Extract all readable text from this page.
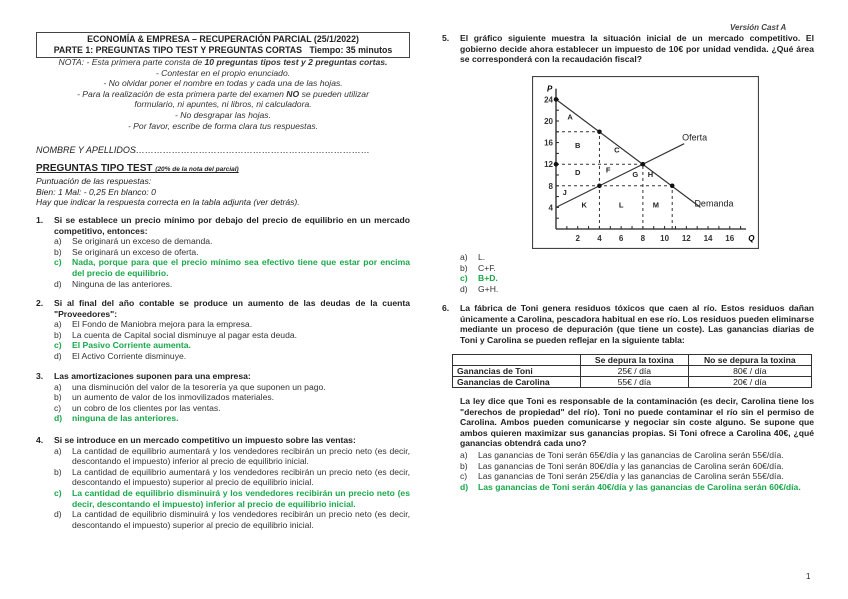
ECONOMÍA & EMPRESA – RECUPERACIÓN PARCIAL (25/1/2022)
PARTE 1: PREGUNTAS TIPO TEST Y PREGUNTAS CORTAS   Tiempo: 35 minutos
NOTA: - Esta primera parte consta de 10 preguntas tipos test y 2 preguntas cortas.
- Contestar en el propio enunciado.
- No olvidar poner el nombre en todas y cada una de las hojas.
- Para la realización de esta primera parte del examen NO se pueden utilizar
formulario, ni apuntes, ni libros, ni calculadora.
- No desgrapar las hojas.
- Por favor, escribe de forma clara tus respuestas.
NOMBRE Y APELLIDOS……………………………………………………………………
PREGUNTAS TIPO TEST (20% de la nota del parcial)
Puntuación de las respuestas:
Bien: 1 Mal: - 0,25 En blanco: 0
Hay que indicar la respuesta correcta en la tabla adjunta (ver detrás).
1.	Si se establece un precio mínimo por debajo del precio de equilibrio en un mercado competitivo, entonces:
a)	Se originará un exceso de demanda.
b)	Se originará un exceso de oferta.
c)	Nada, porque para que el precio mínimo sea efectivo tiene que estar por encima del precio de equilibrio.
d)	Ninguna de las anteriores.
2.	Si al final del año contable se produce un aumento de las deudas de la cuenta "Proveedores":
a)	El Fondo de Maniobra mejora para la empresa.
b)	La cuenta de Capital social disminuye al pagar esta deuda.
c)	El Pasivo Corriente aumenta.
d)	El Activo Corriente disminuye.
3.	Las amortizaciones suponen para una empresa:
a)	una disminución del valor de la tesorería ya que suponen un pago.
b)	un aumento de valor de los inmovilizados materiales.
c)	un cobro de los clientes por las ventas.
d)	ninguna de las anteriores.
4.	Si se introduce en un mercado competitivo un impuesto sobre las ventas:
a)	La cantidad de equilibrio aumentará y los vendedores recibirán un precio neto (es decir, descontando el impuesto) inferior al precio de equilibrio inicial.
b)	La cantidad de equilibrio aumentará y los vendedores recibirán un precio neto (es decir, descontando el impuesto) superior al precio de equilibrio inicial.
c)	La cantidad de equilibrio disminuirá y los vendedores recibirán un precio neto (es decir, descontando el impuesto) inferior al precio de equilibrio inicial.
d)	La cantidad de equilibrio disminuirá y los vendedores recibirán un precio neto (es decir, descontando el impuesto) superior al precio de equilibrio inicial.
Versión Cast A
5.	El gráfico siguiente muestra la situación inicial de un mercado competitivo. El gobierno decide ahora establecer un impuesto de 10€ por unidad vendida. ¿Qué área se corresponderá con la recaudación fiscal?
2 4 6 8 10 12 14 16
4
8
12
16
20
24
P
Q
Demanda
Oferta
A
B	C
D	F
G H
J
K	L	M
a)	L.
b)	C+F.
c)	B+D.
d)	G+H.
6.	La fábrica de Toni genera residuos tóxicos que caen al río. Estos residuos dañan únicamente a Carolina, pescadora habitual en ese río. Los residuos pueden eliminarse mediante un proceso de depuración (que tiene un coste). Las ganancias diarias de Toni y Carolina se pueden reflejar en la siguiente tabla:
	Se depura la toxina	No se depura la toxina
Ganancias de Toni	25€ / día	80€ / día
Ganancias de Carolina	55€ / día	20€ / día
La ley dice que Toni es responsable de la contaminación (es decir, Carolina tiene los "derechos de propiedad" del río). Toni no puede contaminar el río sin el permiso de Carolina. Ambos pueden comunicarse y negociar sin coste alguno. Se supone que ambos quieren maximizar sus ganancias propias. Si Toni ofrece a Carolina 40€, ¿qué ganancias obtendrá cada uno?
a)	Las ganancias de Toni serán 65€/día y las ganancias de Carolina serán 55€/día.
b)	Las ganancias de Toni serán 80€/día y las ganancias de Carolina serán 60€/día.
c)	Las ganancias de Toni serán 25€/día y las ganancias de Carolina serán 55€/día.
d)	Las ganancias de Toni serán 40€/día y las ganancias de Carolina serán 60€/día.
1
